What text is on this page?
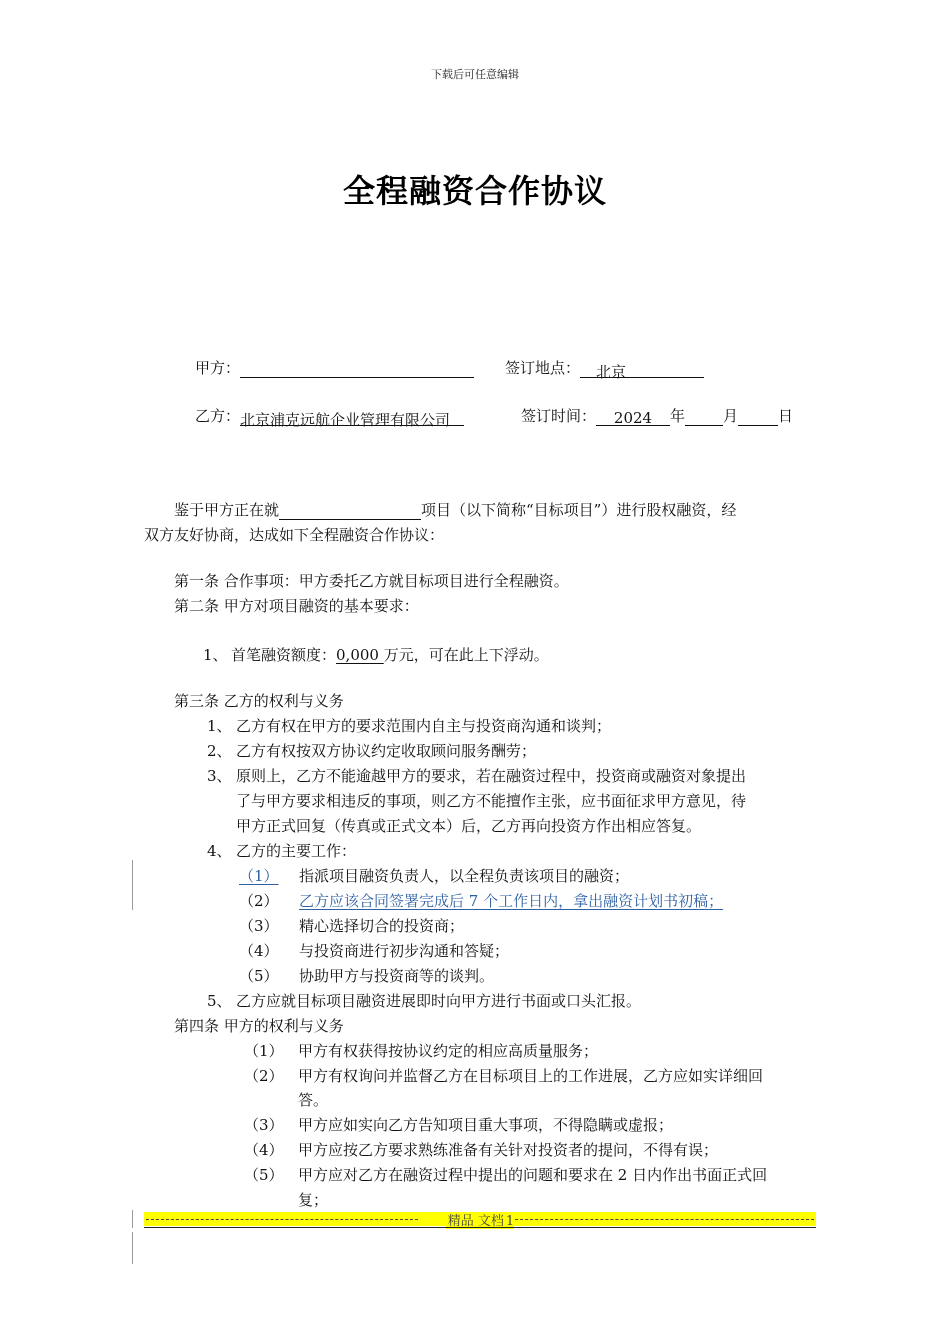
下载后可任意编辑
全程融资合作协议
甲方：	签订地点： 北京
乙方：北京浦克远航企业管理有限公司	签订时间： 2024 年	月	日
鉴于甲方正在就	项目（以下简称“目标项目”）进行股权融资，经
双方友好协商，达成如下全程融资合作协议：
第一条 合作事项：甲方委托乙方就目标项目进行全程融资。
第二条 甲方对项目融资的基本要求：
1、 首笔融资额度：0,000 万元，可在此上下浮动。
第三条 乙方的权利与义务
1、 乙方有权在甲方的要求范围内自主与投资商沟通和谈判；
2、 乙方有权按双方协议约定收取顾问服务酬劳；
3、 原则上，乙方不能逾越甲方的要求，若在融资过程中，投资商或融资对象提出
了与甲方要求相违反的事项，则乙方不能擅作主张，应书面征求甲方意见，待
甲方正式回复（传真或正式文本）后，乙方再向投资方作出相应答复。
4、 乙方的主要工作：
（1） 指派项目融资负责人，以全程负责该项目的融资；
（2） 乙方应该合同签署完成后 7 个工作日内，拿出融资计划书初稿；
（3） 精心选择切合的投资商；
（4） 与投资商进行初步沟通和答疑；
（5） 协助甲方与投资商等的谈判。
5、 乙方应就目标项目融资进展即时向甲方进行书面或口头汇报。
第四条 甲方的权利与义务
（1） 甲方有权获得按协议约定的相应高质量服务；
（2） 甲方有权询问并监督乙方在目标项目上的工作进展，乙方应如实详细回
答。
（3） 甲方应如实向乙方告知项目重大事项，不得隐瞒或虚报；
（4） 甲方应按乙方要求熟练准备有关针对投资者的提问，不得有误；
（5） 甲方应对乙方在融资过程中提出的问题和要求在 2 日内作出书面正式回
复；
精品 文档 1
